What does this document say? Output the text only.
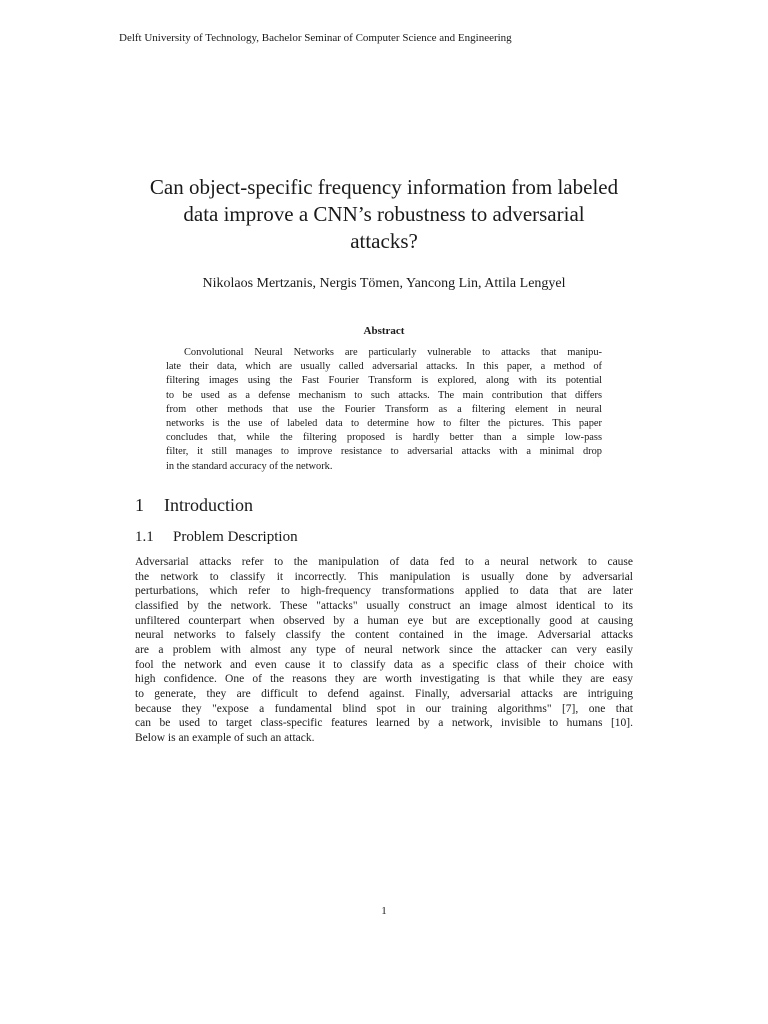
Delft University of Technology, Bachelor Seminar of Computer Science and Engineering
Can object-specific frequency information from labeled
data improve a CNN’s robustness to adversarial
attacks?
Nikolaos Mertzanis, Nergis Tömen, Yancong Lin, Attila Lengyel
Abstract
Convolutional Neural Networks are particularly vulnerable to attacks that manipu-
late their data, which are usually called adversarial attacks. In this paper, a method of
filtering images using the Fast Fourier Transform is explored, along with its potential
to be used as a defense mechanism to such attacks. The main contribution that differs
from other methods that use the Fourier Transform as a filtering element in neural
networks is the use of labeled data to determine how to filter the pictures. This paper
concludes that, while the filtering proposed is hardly better than a simple low-pass
filter, it still manages to improve resistance to adversarial attacks with a minimal drop
in the standard accuracy of the network.
1 Introduction
1.1 Problem Description
Adversarial attacks refer to the manipulation of data fed to a neural network to cause
the network to classify it incorrectly. This manipulation is usually done by adversarial
perturbations, which refer to high-frequency transformations applied to data that are later
classified by the network. These "attacks" usually construct an image almost identical to its
unfiltered counterpart when observed by a human eye but are exceptionally good at causing
neural networks to falsely classify the content contained in the image. Adversarial attacks
are a problem with almost any type of neural network since the attacker can very easily
fool the network and even cause it to classify data as a specific class of their choice with
high confidence. One of the reasons they are worth investigating is that while they are easy
to generate, they are difficult to defend against. Finally, adversarial attacks are intriguing
because they "expose a fundamental blind spot in our training algorithms" [7], one that
can be used to target class-specific features learned by a network, invisible to humans [10].
Below is an example of such an attack.
1
